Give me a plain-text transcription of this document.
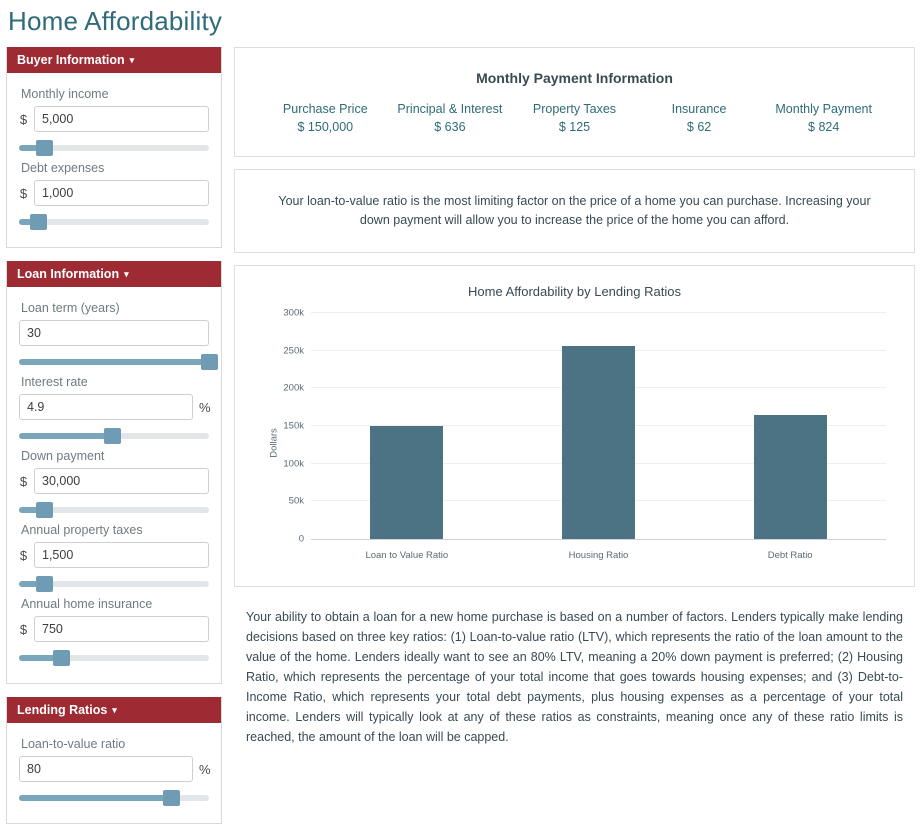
Home Affordability
Buyer Information ▾
Monthly income
$
5,000
Debt expenses
$
1,000
Loan Information ▾
Loan term (years)
30
Interest rate
4.9
%
Down payment
$
30,000
Annual property taxes
$
1,500
Annual home insurance
$
750
Lending Ratios ▾
Loan-to-value ratio
80
%
Monthly Payment Information
Purchase Price
$ 150,000
Principal & Interest
$ 636
Property Taxes
$ 125
Insurance
$ 62
Monthly Payment
$ 824
Your loan-to-value ratio is the most limiting factor on the price of a home you can purchase. Increasing your down payment will allow you to increase the price of the home you can afford.
Home Affordability by Lending Ratios
Dollars
0
50k
100k
150k
200k
250k
300k
Loan to Value Ratio	Housing Ratio	Debt Ratio
Your ability to obtain a loan for a new home purchase is based on a number of factors. Lenders typically make lending decisions based on three key ratios: (1) Loan-to-value ratio (LTV), which represents the ratio of the loan amount to the value of the home. Lenders ideally want to see an 80% LTV, meaning a 20% down payment is preferred; (2) Housing Ratio, which represents the percentage of your total income that goes towards housing expenses; and (3) Debt-to-Income Ratio, which represents your total debt payments, plus housing expenses as a percentage of your total income. Lenders will typically look at any of these ratios as constraints, meaning once any of these ratio limits is reached, the amount of the loan will be capped.
